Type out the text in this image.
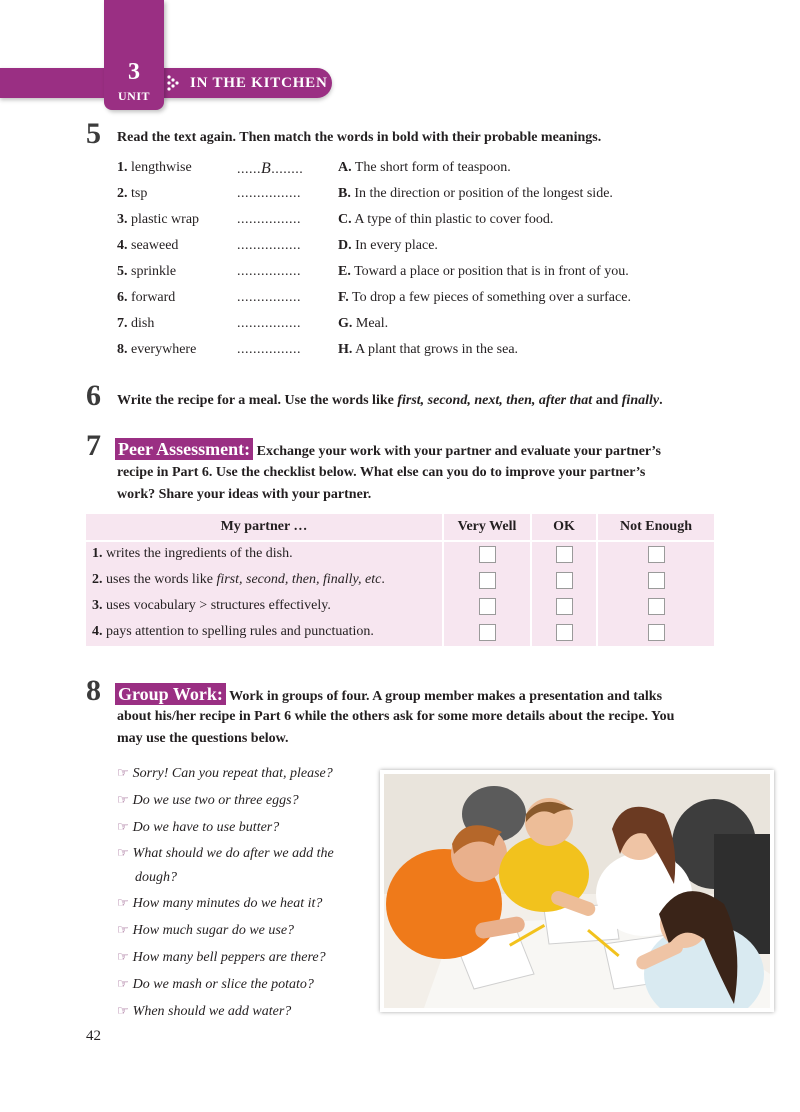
3
UNIT
IN THE KITCHEN
5 Read the text again. Then match the words in bold with their probable meanings.
1. lengthwise	......B........ A. The short form of teaspoon.
2. tsp	................	B. In the direction or position of the longest side.
3. plastic wrap	................	C. A type of thin plastic to cover food.
4. seaweed	................	D. In every place.
5. sprinkle	................	E. Toward a place or position that is in front of you.
6. forward	................	F. To drop a few pieces of something over a surface.
7. dish	................	G. Meal.
8. everywhere	................	H. A plant that grows in the sea.
6 Write the recipe for a meal. Use the words like first, second, next, then, after that and finally.
7 Peer Assessment: Exchange your work with your partner and evaluate your partner’s
recipe in Part 6. Use the checklist below. What else can you do to improve your partner’s
work? Share your ideas with your partner.
My partner …	Very Well	OK	Not Enough
1. writes the ingredients of the dish.
2. uses the words like first, second, then, finally, etc.
3. uses vocabulary > structures effectively.
4. pays attention to spelling rules and punctuation.
8 Group Work: Work in groups of four. A group member makes a presentation and talks
about his/her recipe in Part 6 while the others ask for some more details about the recipe. You
may use the questions below.
☞ Sorry! Can you repeat that, please?
☞ Do we use two or three eggs?
☞ Do we have to use butter?
☞ What should we do after we add the
dough?
☞ How many minutes do we heat it?
☞ How much sugar do we use?
☞ How many bell peppers are there?
☞ Do we mash or slice the potato?
☞ When should we add water?
42
